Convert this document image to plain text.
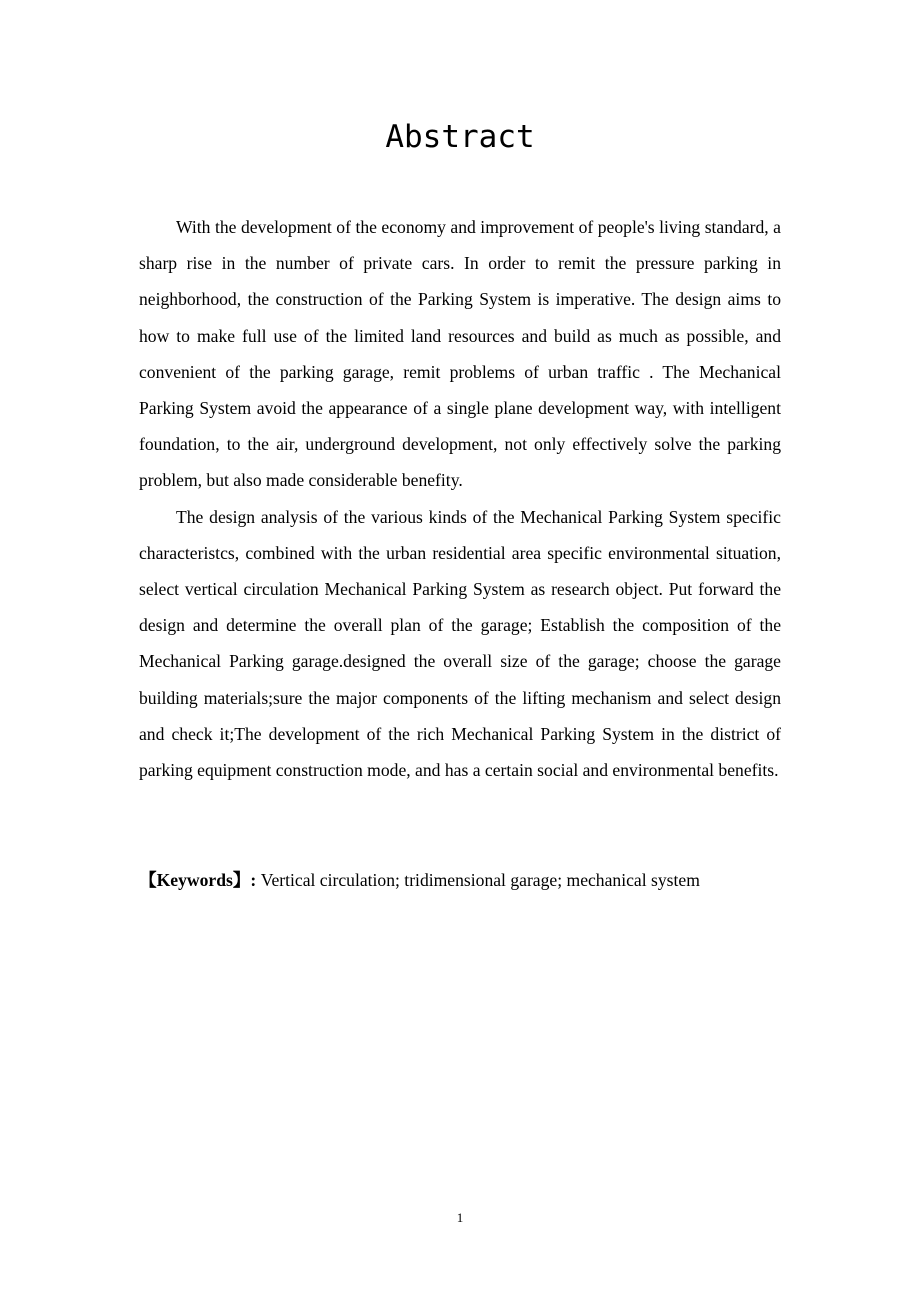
Abstract

With the development of the economy and improvement of people's living standard, a sharp rise in the number of private cars. In order to remit the pressure parking in neighborhood, the construction of the Parking System is imperative. The design aims to how to make full use of the limited land resources and build as much as possible, and convenient of the parking garage, remit problems of urban traffic . The Mechanical Parking System avoid the appearance of a single plane development way, with intelligent foundation, to the air, underground development, not only effectively solve the parking problem, but also made considerable benefity.

The design analysis of the various kinds of the Mechanical Parking System specific characteristcs, combined with the urban residential area specific environmental situation, select vertical circulation Mechanical Parking System as research object. Put forward the design and determine the overall plan of the garage; Establish the composition of the Mechanical Parking garage.designed the overall size of the garage; choose the garage building materials;sure the major components of the lifting mechanism and select design and check it;The development of the rich Mechanical Parking System in the district of parking equipment construction mode, and has a certain social and environmental benefits.

【Keywords】: Vertical circulation; tridimensional garage; mechanical system
1
